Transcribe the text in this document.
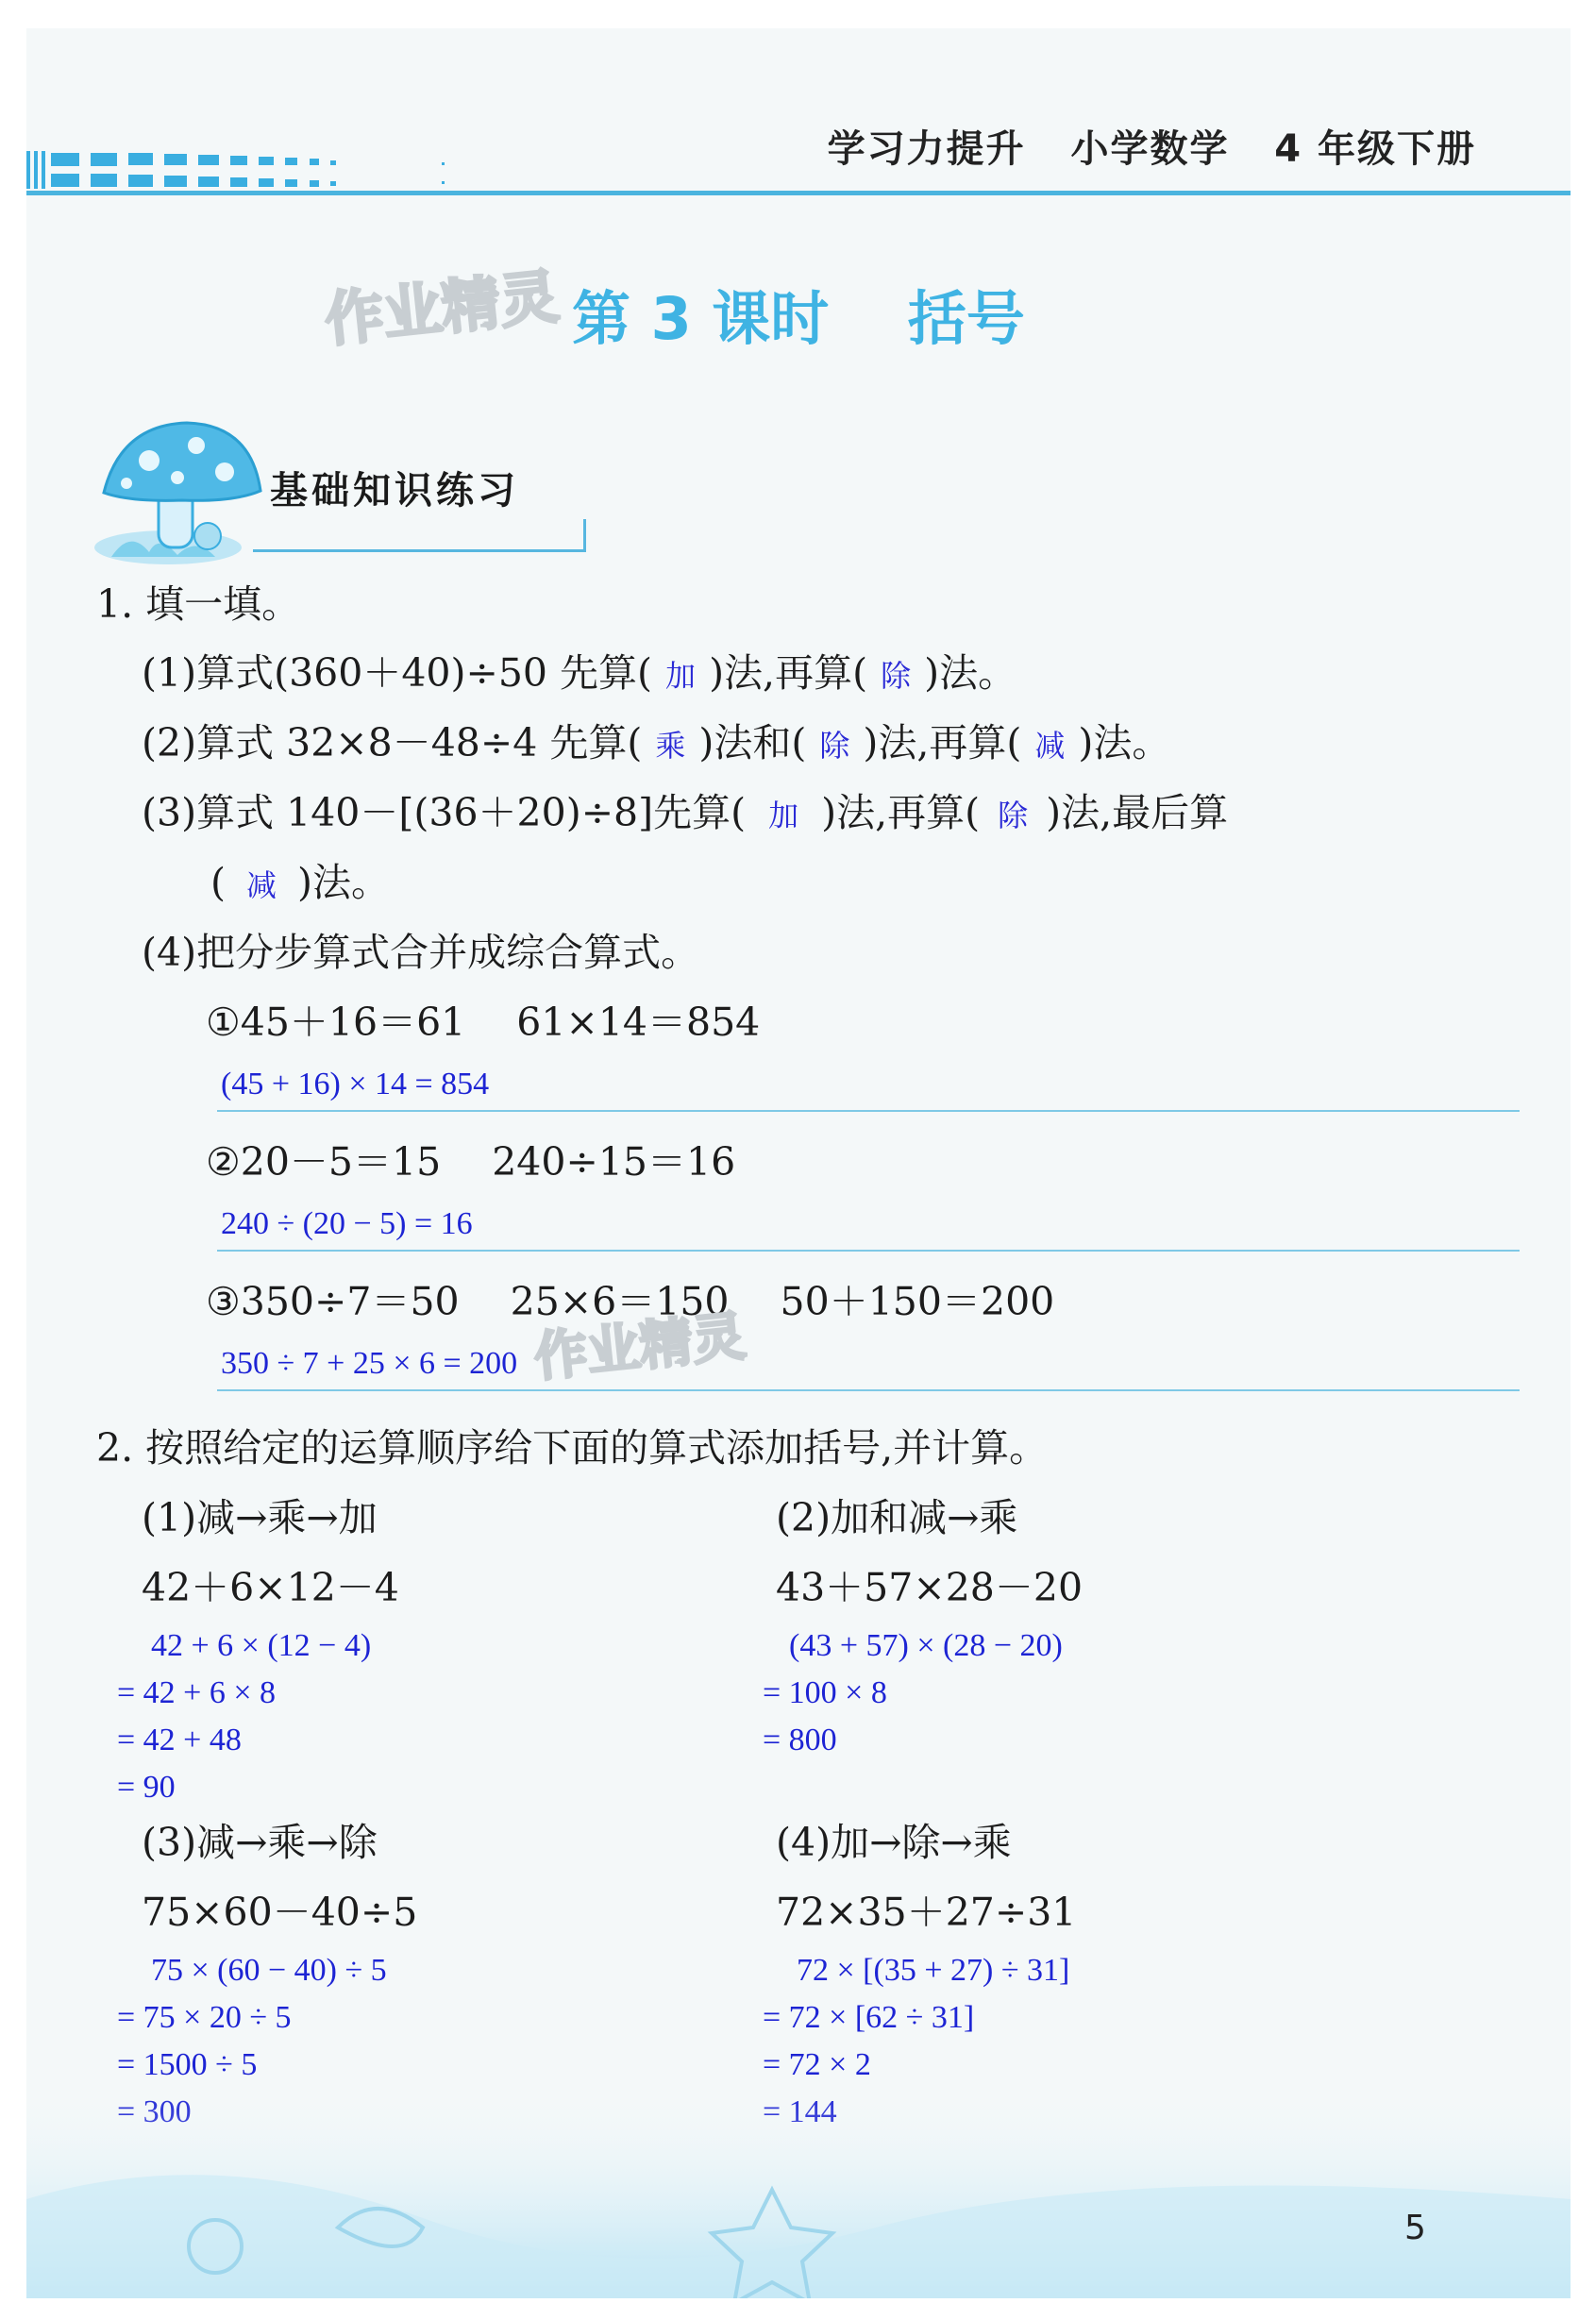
学习力提升 小学数学 4 年级下册
作业精灵 第 3 课时　 括号
基础知识练习
1. 填一填。
(1)算式(360＋40)÷50 先算( 加 )法,再算( 除 )法。
(2)算式 32×8－48÷4 先算( 乘 )法和( 除 )法,再算( 减 )法。
(3)算式 140－[(36＋20)÷8]先算( 加 )法,再算( 除 )法,最后算
( 减 )法。
(4)把分步算式合并成综合算式。
①45＋16＝61　 61×14＝854
(45 + 16) × 14 = 854
②20－5＝15　 240÷15＝16
240 ÷ (20 − 5) = 16
③350÷7＝50　 25×6＝150　 50＋150＝200
350 ÷ 7 + 25 × 6 = 200 作业精灵
2. 按照给定的运算顺序给下面的算式添加括号,并计算。
(1)减→乘→加
42＋6×12－4
42 + 6 × (12 − 4)
= 42 + 6 × 8
= 42 + 48
= 90
(2)加和减→乘
43＋57×28－20
(43 + 57) × (28 − 20)
= 100 × 8
= 800
(3)减→乘→除
75×60－40÷5
75 × (60 − 40) ÷ 5
= 75 × 20 ÷ 5
= 1500 ÷ 5
(4)加→除→乘
72×35＋27÷31
72 × [(35 + 27) ÷ 31]
= 72 × [62 ÷ 31]
= 72 × 2
5
